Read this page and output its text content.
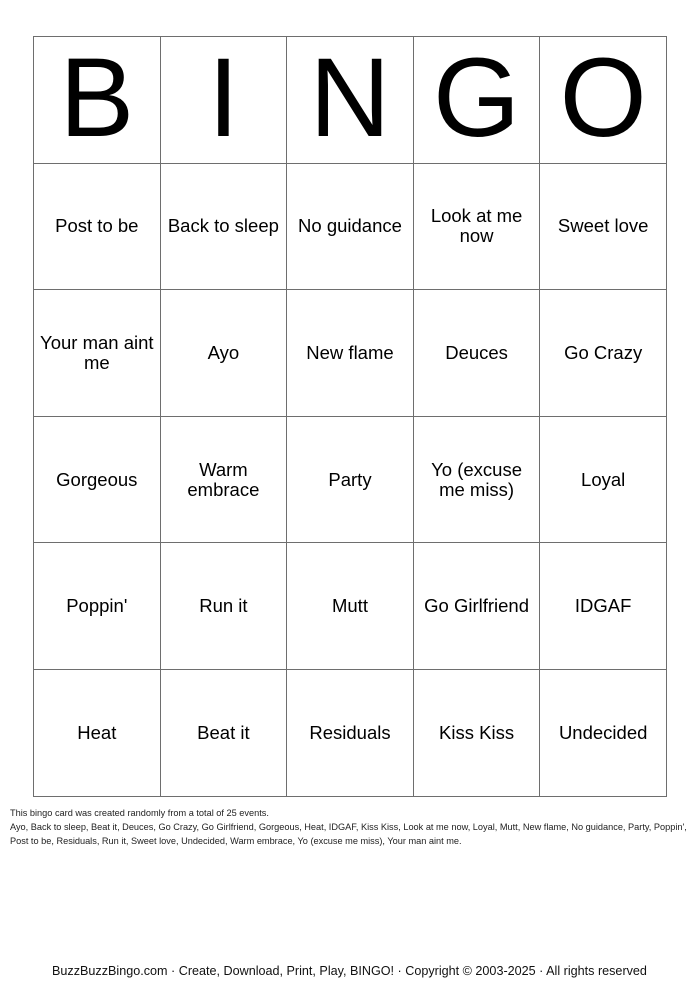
B	I	N	G	O
Post to be	Back to sleep	No guidance	Look at me now	Sweet love
Your man aint me	Ayo	New flame	Deuces	Go Crazy
Gorgeous	Warm embrace	Party	Yo (excuse me miss)	Loyal
Poppin'	Run it	Mutt	Go Girlfriend	IDGAF
Heat	Beat it	Residuals	Kiss Kiss	Undecided

This bingo card was created randomly from a total of 25 events.

Ayo, Back to sleep, Beat it, Deuces, Go Crazy, Go Girlfriend, Gorgeous, Heat, IDGAF, Kiss Kiss, Look at me now, Loyal, Mutt, New flame, No guidance, Party, Poppin', Post to be, Residuals, Run it, Sweet love, Undecided, Warm embrace, Yo (excuse me miss), Your man aint me.

BuzzBuzzBingo.com · Create, Download, Print, Play, BINGO! · Copyright © 2003-2025 · All rights reserved
